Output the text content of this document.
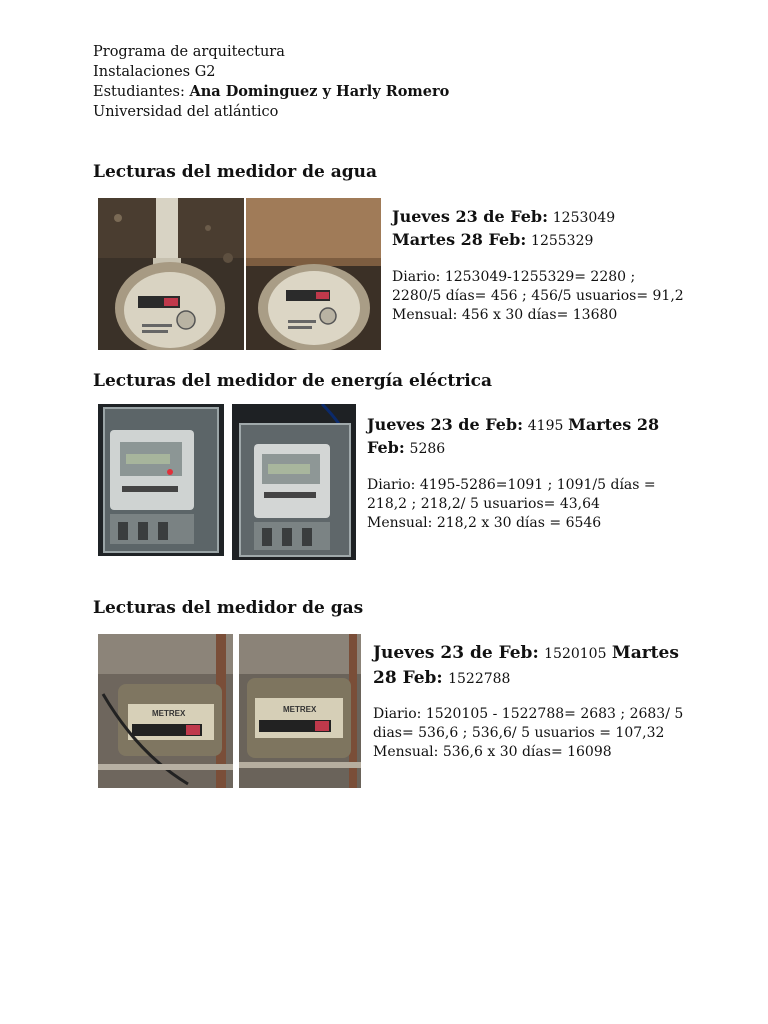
Programa de arquitectura
Instalaciones G2
Estudiantes: Ana Dominguez y Harly Romero
Universidad del atlántico
Lecturas del medidor de agua
Jueves 23 de Feb: 1253049
Martes 28 Feb: 1255329
Diario: 1253049-1255329= 2280 ;
2280/5 días= 456 ; 456/5 usuarios= 91,2
Mensual: 456 x 30 días= 13680
Lecturas del medidor de energía eléctrica
Jueves 23 de Feb: 4195 Martes 28
Feb: 5286
Diario: 4195-5286=1091 ; 1091/5 días =
218,2 ; 218,2/ 5 usuarios= 43,64
Mensual: 218,2 x 30 días = 6546
Lecturas del medidor de gas
METREX	METREX
Jueves 23 de Feb: 1520105 Martes
28 Feb: 1522788
Diario: 1520105 - 1522788= 2683 ; 2683/ 5
dias= 536,6 ; 536,6/ 5 usuarios = 107,32
Mensual: 536,6 x 30 días= 16098
